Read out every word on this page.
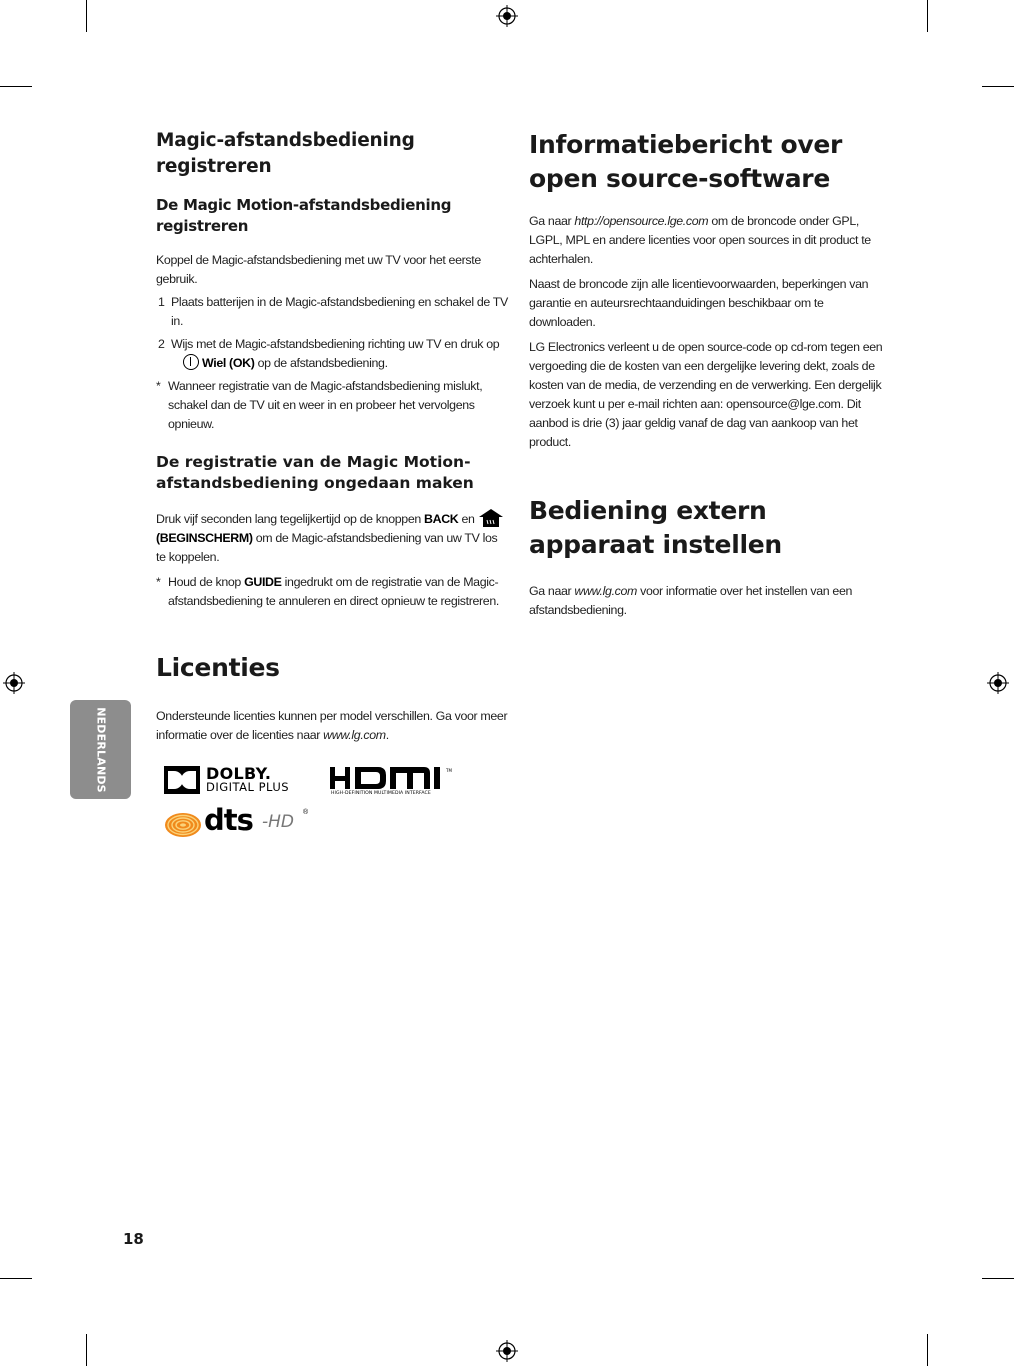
Magic-afstandsbediening registreren
De Magic Motion-afstandsbediening registreren

Koppel de Magic-afstandsbediening met uw TV voor het eerste gebruik.

1 Plaats batterijen in de Magic-afstandsbediening en schakel de TV in.
2 Wijs met de Magic-afstandsbediening richting uw TV en druk op
Wiel (OK) op de afstandsbediening.
* Wanneer registratie van de Magic-afstandsbediening mislukt, schakel dan de TV uit en weer in en probeer het vervolgens opnieuw.
De registratie van de Magic Motion-afstandsbediening ongedaan maken

Druk vijf seconden lang tegelijkertijd op de knoppen BACK en  (BEGINSCHERM) om de Magic-afstandsbediening van uw TV los te koppelen.

* Houd de knop GUIDE ingedrukt om de registratie van de Magic-afstandsbediening te annuleren en direct opnieuw te registreren.
Licenties

Ondersteunde licenties kunnen per model verschillen. Ga voor meer informatie over de licenties naar www.lg.com.

DOLBY.
DIGITAL PLUS
TM
HIGH-DEFINITION MULTIMEDIA INTERFACE
dts -HD ®
Informatiebericht over open source-software

Ga naar http://opensource.lge.com om de broncode onder GPL, LGPL, MPL en andere licenties voor open sources in dit product te achterhalen.

Naast de broncode zijn alle licentievoorwaarden, beperkingen van garantie en auteursrechtaanduidingen beschikbaar om te downloaden.

LG Electronics verleent u de open source-code op cd-rom tegen een vergoeding die de kosten van een dergelijke levering dekt, zoals de kosten van de media, de verzending en de verwerking. Een dergelijk verzoek kunt u per e-mail richten aan: opensource@lge.com. Dit aanbod is drie (3) jaar geldig vanaf de dag van aankoop van het product.

Bediening extern apparaat instellen

Ga naar www.lg.com voor informatie over het instellen van een afstandsbediening.

NEDERLANDS
18
